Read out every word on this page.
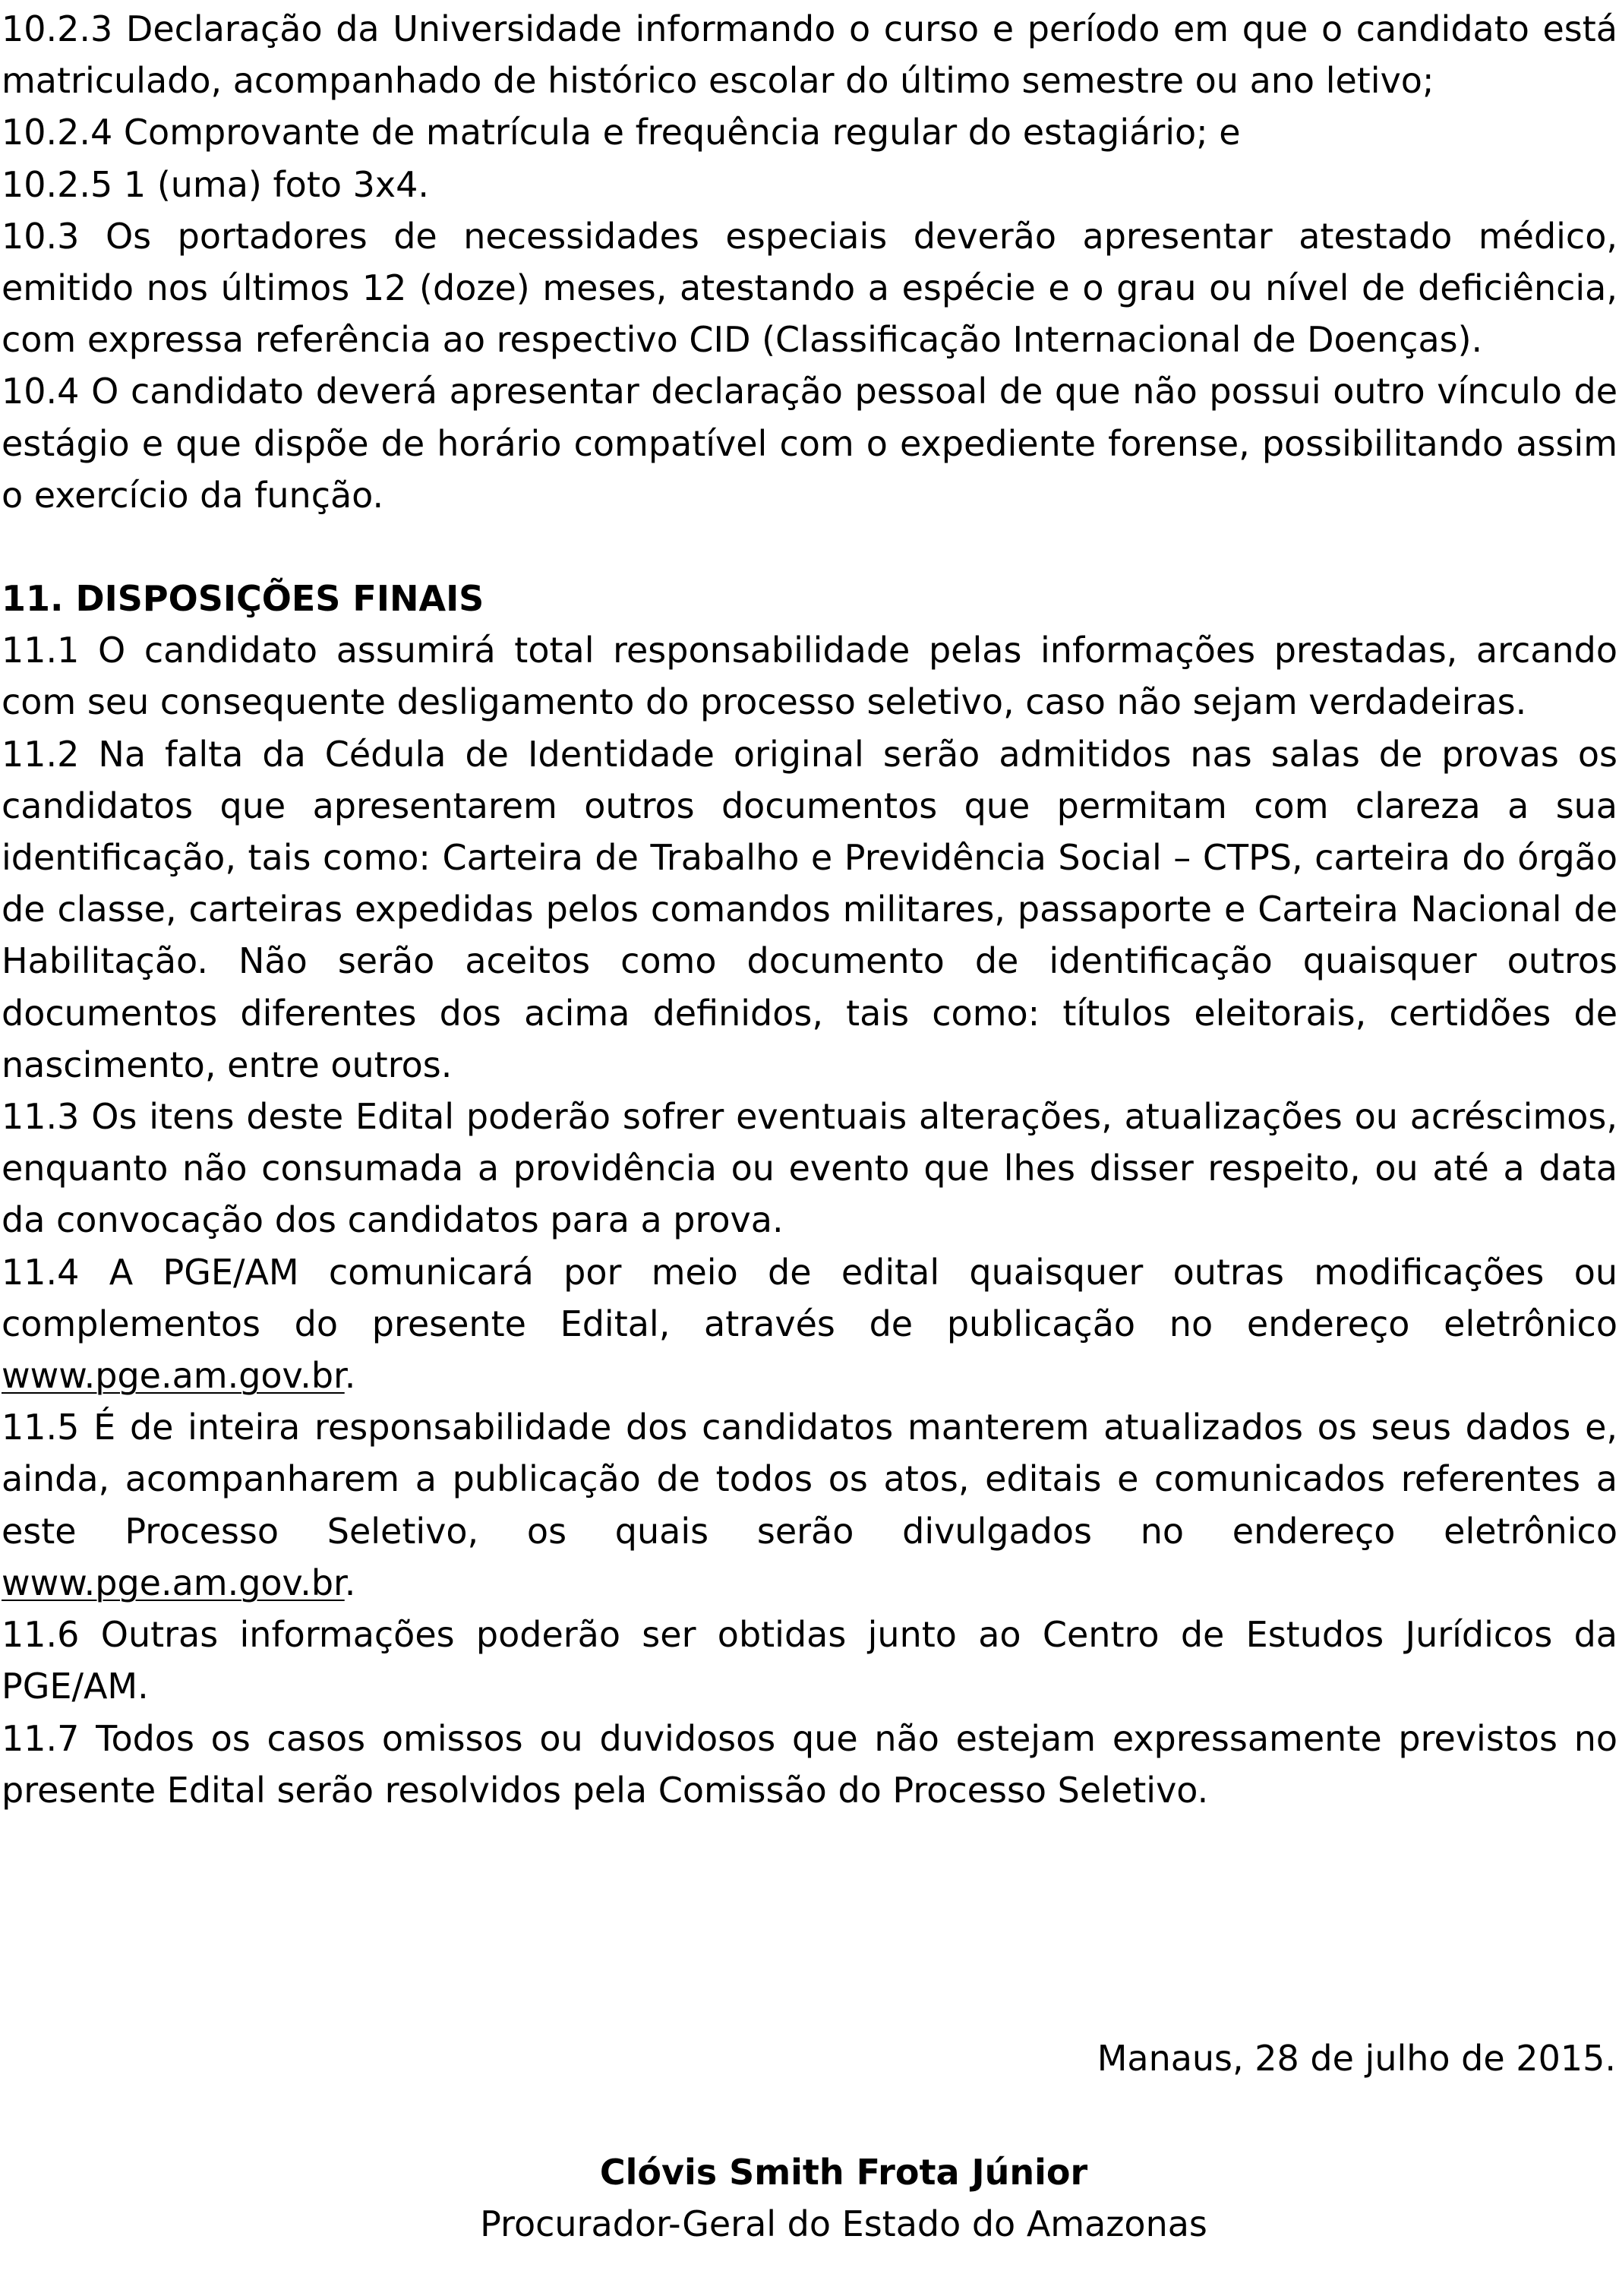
10.2.3 Declaração da Universidade informando o curso e período em que o candidato está matriculado, acompanhado de histórico escolar do último semestre ou ano letivo;

10.2.4 Comprovante de matrícula e frequência regular do estagiário; e

10.2.5 1 (uma) foto 3x4.

10.3 Os portadores de necessidades especiais deverão apresentar atestado médico, emitido nos últimos 12 (doze) meses, atestando a espécie e o grau ou nível de deficiência, com expressa referência ao respectivo CID (Classificação Internacional de Doenças).

10.4 O candidato deverá apresentar declaração pessoal de que não possui outro vínculo de estágio e que dispõe de horário compatível com o expediente forense, possibilitando assim o exercício da função.

11. DISPOSIÇÕES FINAIS

11.1 O candidato assumirá total responsabilidade pelas informações prestadas, arcando com seu consequente desligamento do processo seletivo, caso não sejam verdadeiras.

11.2 Na falta da Cédula de Identidade original serão admitidos nas salas de provas os candidatos que apresentarem outros documentos que permitam com clareza a sua identificação, tais como: Carteira de Trabalho e Previdência Social – CTPS, carteira do órgão de classe, carteiras expedidas pelos comandos militares, passaporte e Carteira Nacional de Habilitação. Não serão aceitos como documento de identificação quaisquer outros documentos diferentes dos acima definidos, tais como: títulos eleitorais, certidões de nascimento, entre outros.

11.3 Os itens deste Edital poderão sofrer eventuais alterações, atualizações ou acréscimos, enquanto não consumada a providência ou evento que lhes disser respeito, ou até a data da convocação dos candidatos para a prova.

11.4 A PGE/AM comunicará por meio de edital quaisquer outras modificações ou complementos do presente Edital, através de publicação no endereço eletrônico www.pge.am.gov.br.

11.5 É de inteira responsabilidade dos candidatos manterem atualizados os seus dados e, ainda, acompanharem a publicação de todos os atos, editais e comunicados referentes a este Processo Seletivo, os quais serão divulgados no endereço eletrônico www.pge.am.gov.br.

11.6 Outras informações poderão ser obtidas junto ao Centro de Estudos Jurídicos da PGE/AM.

11.7 Todos os casos omissos ou duvidosos que não estejam expressamente previstos no presente Edital serão resolvidos pela Comissão do Processo Seletivo.

Manaus, 28 de julho de 2015.
Clóvis Smith Frota Júnior
Procurador-Geral do Estado do Amazonas
